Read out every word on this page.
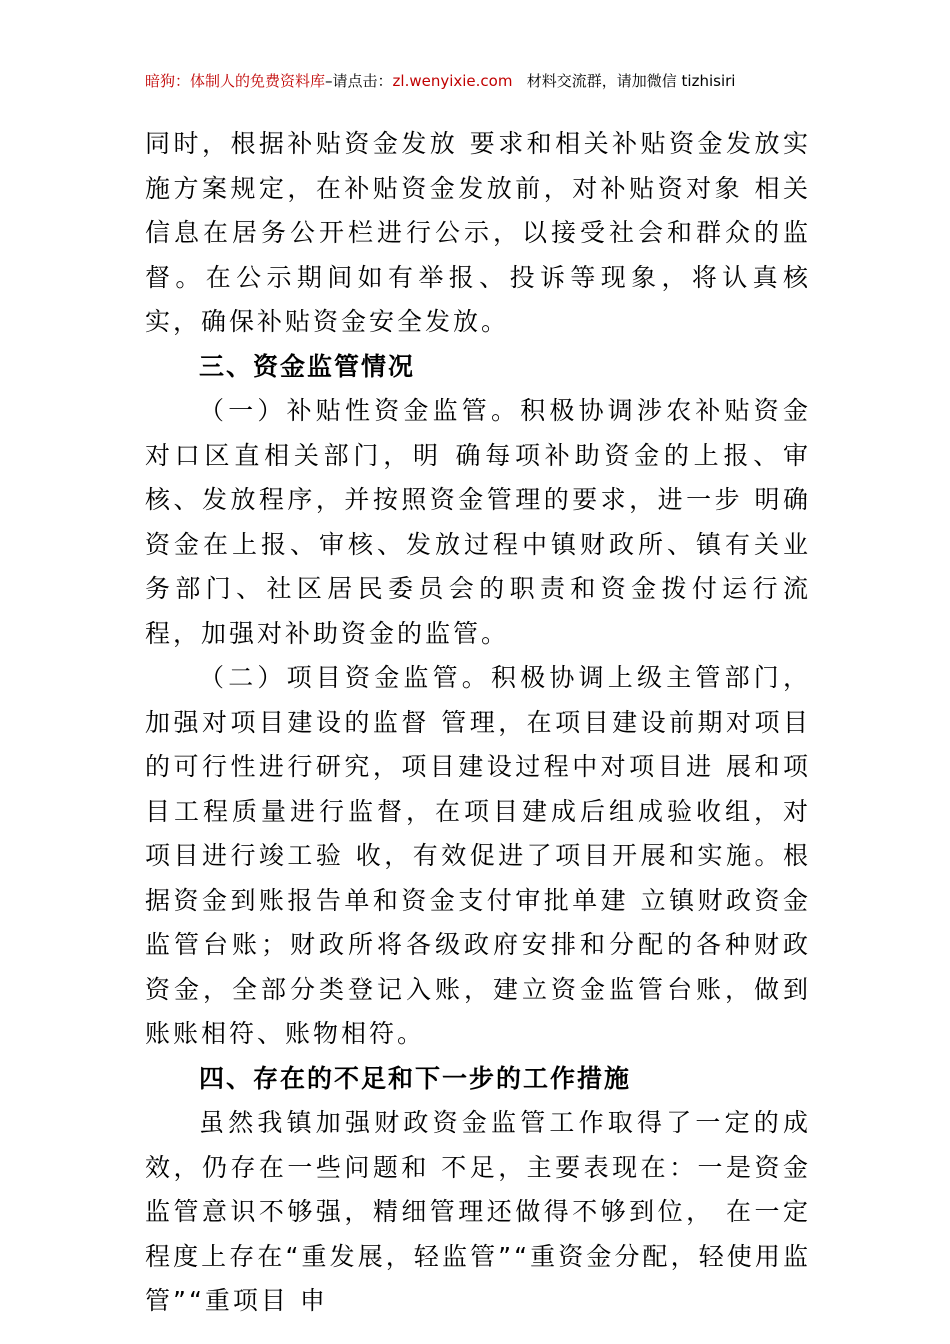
暗狗：体制人的免费资料库–请点击：zl.wenyixie.com 材料交流群，请加微信 tizhisiri

同时，根据补贴资金发放 要求和相关补贴资金发放实施方案规定，在补贴资金发放前，对补贴资对象 相关信息在居务公开栏进行公示，以接受社会和群众的监督。在公示期间如有举报、投诉等现象，将认真核实，确保补贴资金安全发放。

三、资金监管情况

（一）补贴性资金监管。积极协调涉农补贴资金对口区直相关部门，明 确每项补助资金的上报、审核、发放程序，并按照资金管理的要求，进一步 明确资金在上报、审核、发放过程中镇财政所、镇有关业务部门、社区居民委员会的职责和资金拨付运行流程，加强对补助资金的监管。

（二）项目资金监管。积极协调上级主管部门，加强对项目建设的监督 管理，在项目建设前期对项目的可行性进行研究，项目建设过程中对项目进 展和项目工程质量进行监督，在项目建成后组成验收组，对项目进行竣工验 收，有效促进了项目开展和实施。根据资金到账报告单和资金支付审批单建 立镇财政资金监管台账；财政所将各级政府安排和分配的各种财政资金，全部分类登记入账，建立资金监管台账，做到账账相符、账物相符。

四、存在的不足和下一步的工作措施

虽然我镇加强财政资金监管工作取得了一定的成效，仍存在一些问题和 不足，主要表现在：一是资金监管意识不够强，精细管理还做得不够到位， 在一定程度上存在“重发展，轻监管”“重资金分配，轻使用监管”“重项目 申
